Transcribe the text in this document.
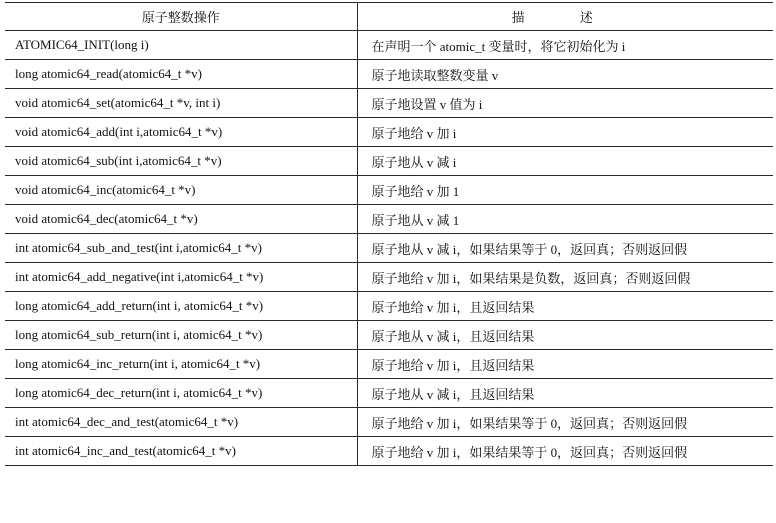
原子整数操作	描 述
ATOMIC64_INIT(long i)	在声明一个 atomic_t 变量时，将它初始化为 i
long atomic64_read(atomic64_t *v)	原子地读取整数变量 v
void atomic64_set(atomic64_t *v, int i)	原子地设置 v 值为 i
void atomic64_add(int i,atomic64_t *v)	原子地给 v 加 i
void atomic64_sub(int i,atomic64_t *v)	原子地从 v 减 i
void atomic64_inc(atomic64_t *v)	原子地给 v 加 1
void atomic64_dec(atomic64_t *v)	原子地从 v 减 1
int atomic64_sub_and_test(int i,atomic64_t *v)	原子地从 v 减 i，如果结果等于 0，返回真；否则返回假
int atomic64_add_negative(int i,atomic64_t *v)	原子地给 v 加 i，如果结果是负数，返回真；否则返回假
long atomic64_add_return(int i, atomic64_t *v)	原子地给 v 加 i，且返回结果
long atomic64_sub_return(int i, atomic64_t *v)	原子地从 v 减 i，且返回结果
long atomic64_inc_return(int i, atomic64_t *v)	原子地给 v 加 i，且返回结果
long atomic64_dec_return(int i, atomic64_t *v)	原子地从 v 减 i，且返回结果
int atomic64_dec_and_test(atomic64_t *v)	原子地给 v 加 i，如果结果等于 0，返回真；否则返回假
int atomic64_inc_and_test(atomic64_t *v)	原子地给 v 加 i，如果结果等于 0，返回真；否则返回假
